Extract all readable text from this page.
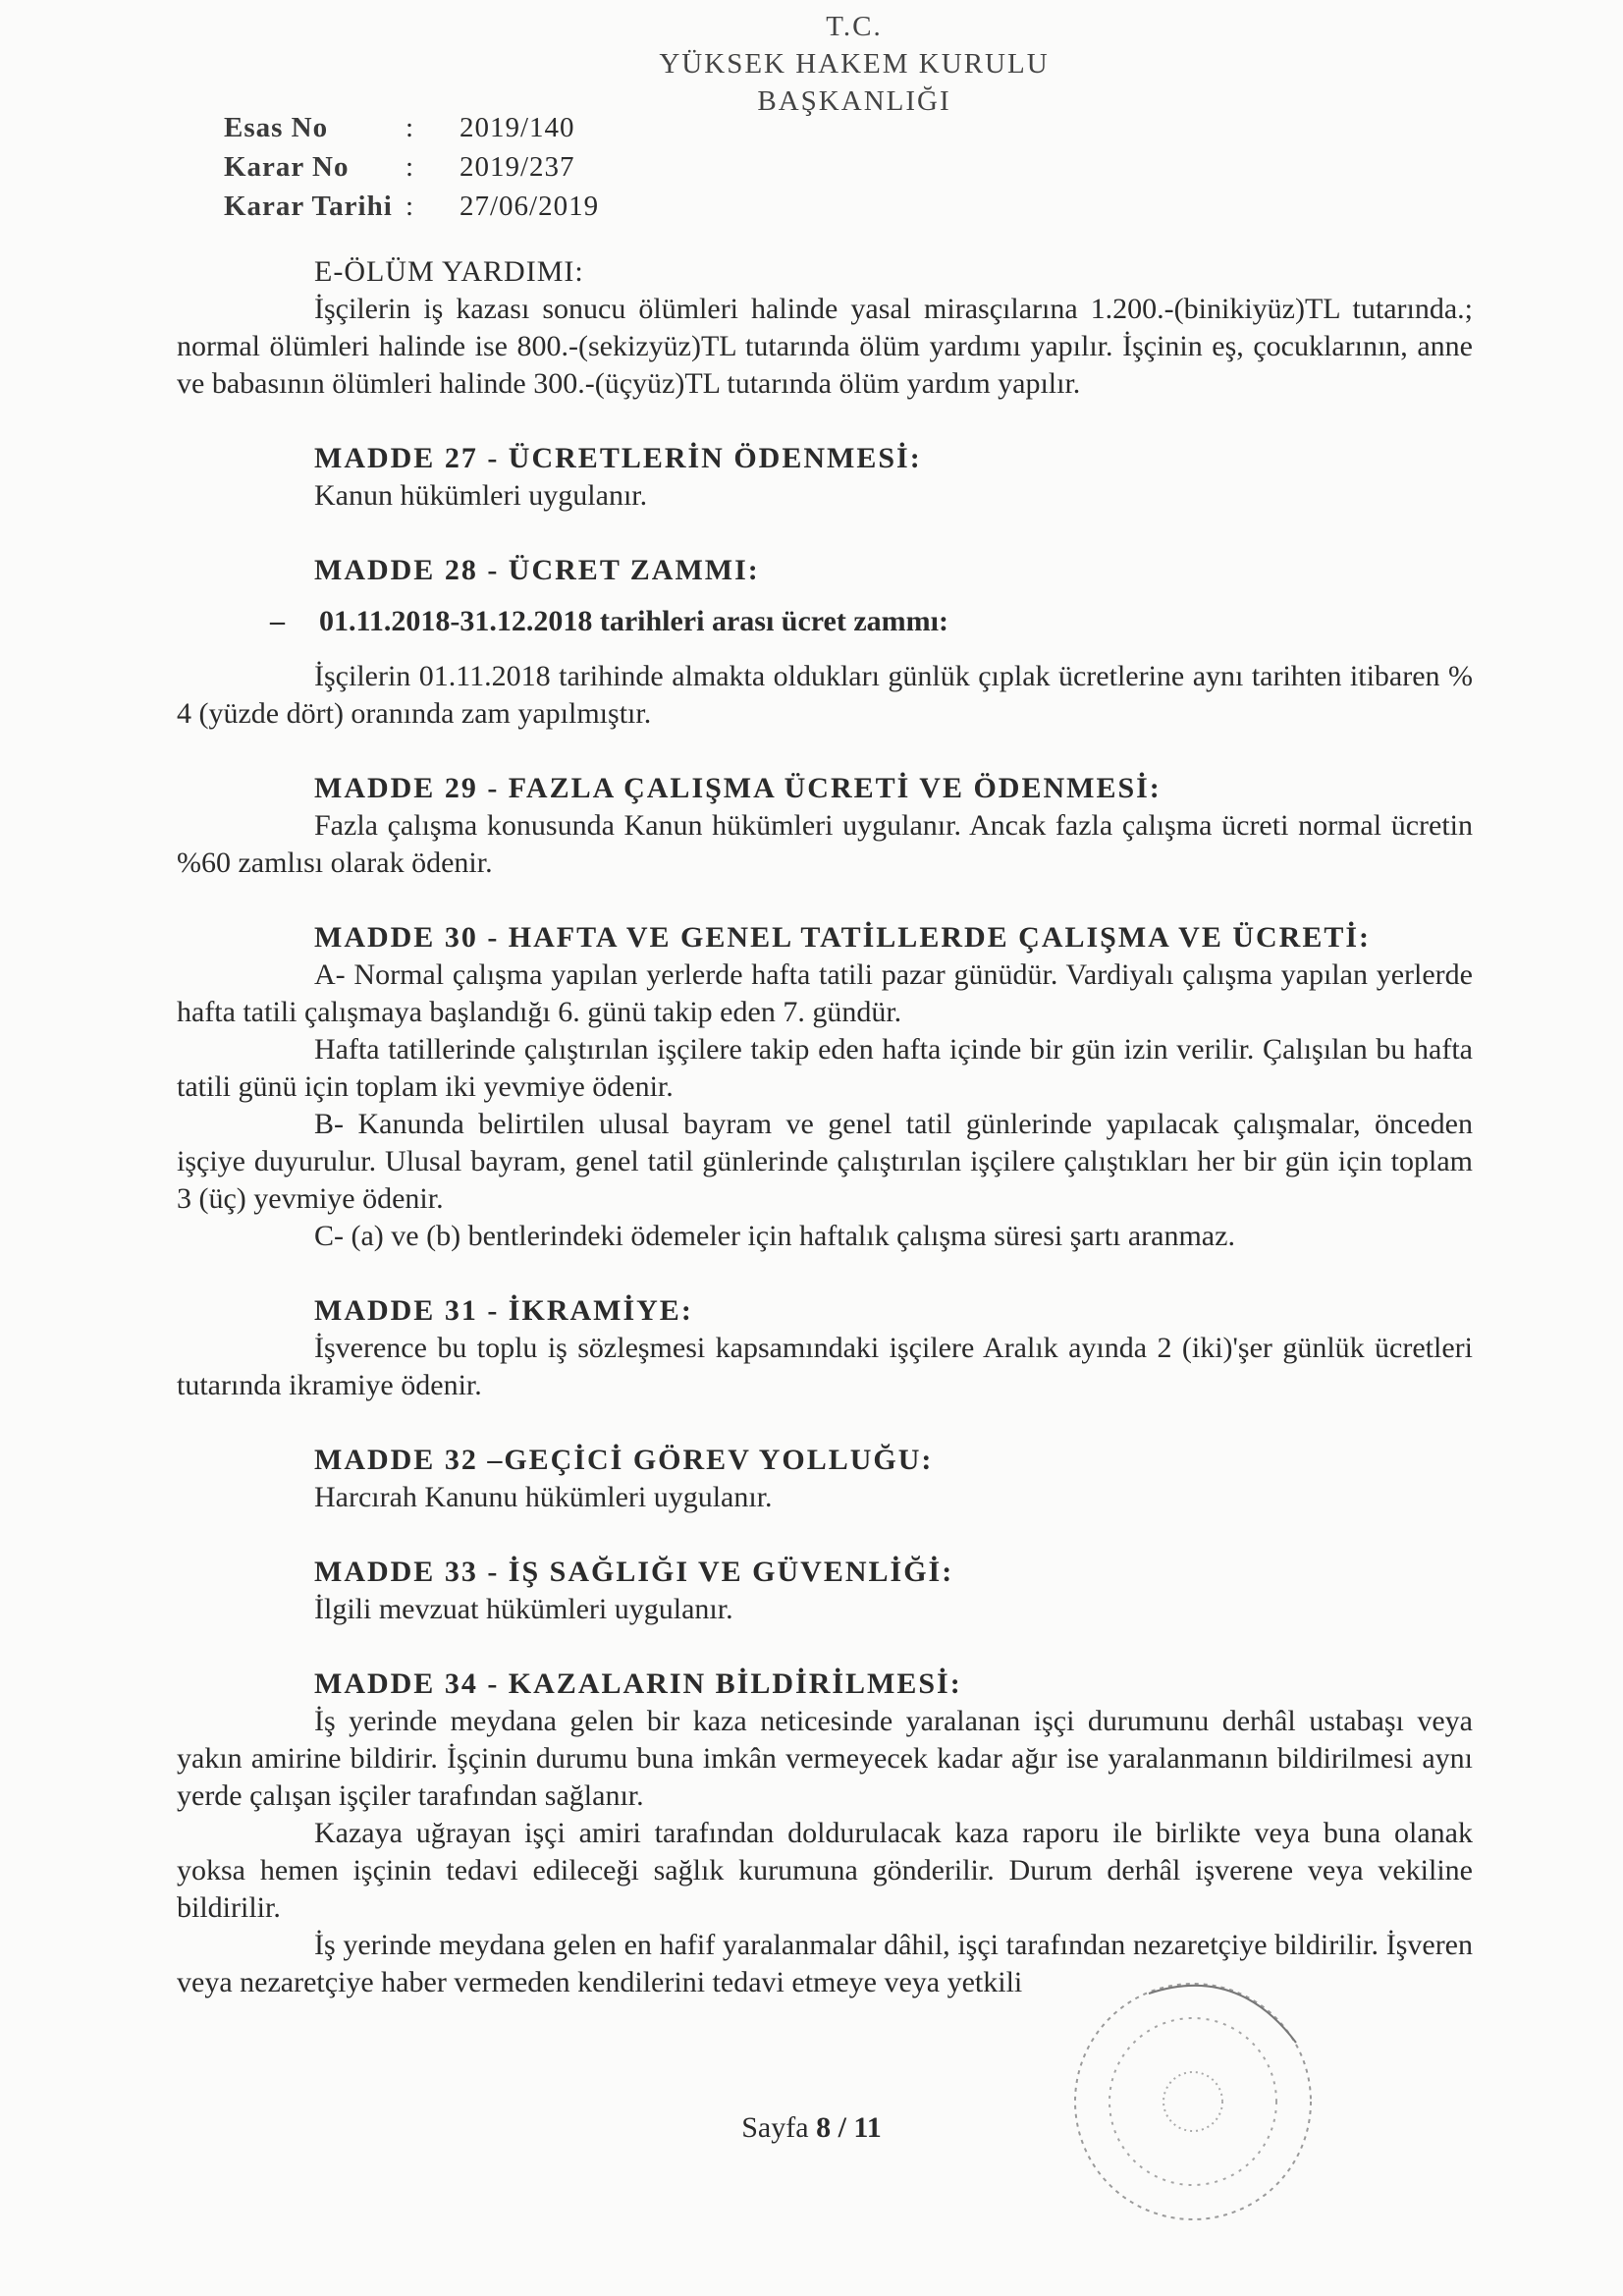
T.C.
YÜKSEK HAKEM KURULU
BAŞKANLIĞI
Esas No	:	2019/140
Karar No	:	2019/237
Karar Tarihi :	27/06/2019

E-ÖLÜM YARDIMI:

İşçilerin iş kazası sonucu ölümleri halinde yasal mirasçılarına 1.200.-(binikiyüz)TL tutarında.; normal ölümleri halinde ise 800.-(sekizyüz)TL tutarında ölüm yardımı yapılır. İşçinin eş, çocuklarının, anne ve babasının ölümleri halinde 300.-(üçyüz)TL tutarında ölüm yardım yapılır.

MADDE 27 - ÜCRETLERİN ÖDENMESİ:

Kanun hükümleri uygulanır.

MADDE 28 - ÜCRET ZAMMI:

– 01.11.2018-31.12.2018 tarihleri arası ücret zammı:

İşçilerin 01.11.2018 tarihinde almakta oldukları günlük çıplak ücretlerine aynı tarihten itibaren % 4 (yüzde dört) oranında zam yapılmıştır.

MADDE 29 - FAZLA ÇALIŞMA ÜCRETİ VE ÖDENMESİ:

Fazla çalışma konusunda Kanun hükümleri uygulanır. Ancak fazla çalışma ücreti normal ücretin %60 zamlısı olarak ödenir.

MADDE 30 - HAFTA VE GENEL TATİLLERDE ÇALIŞMA VE ÜCRETİ:

A- Normal çalışma yapılan yerlerde hafta tatili pazar günüdür. Vardiyalı çalışma yapılan yerlerde hafta tatili çalışmaya başlandığı 6. günü takip eden 7. gündür.

Hafta tatillerinde çalıştırılan işçilere takip eden hafta içinde bir gün izin verilir. Çalışılan bu hafta tatili günü için toplam iki yevmiye ödenir.

B- Kanunda belirtilen ulusal bayram ve genel tatil günlerinde yapılacak çalışmalar, önceden işçiye duyurulur. Ulusal bayram, genel tatil günlerinde çalıştırılan işçilere çalıştıkları her bir gün için toplam 3 (üç) yevmiye ödenir.

C- (a) ve (b) bentlerindeki ödemeler için haftalık çalışma süresi şartı aranmaz.

MADDE 31 - İKRAMİYE:

İşverence bu toplu iş sözleşmesi kapsamındaki işçilere Aralık ayında 2 (iki)'şer günlük ücretleri tutarında ikramiye ödenir.

MADDE 32 –GEÇİCİ GÖREV YOLLUĞU:

Harcırah Kanunu hükümleri uygulanır.

MADDE 33 - İŞ SAĞLIĞI VE GÜVENLİĞİ:

İlgili mevzuat hükümleri uygulanır.

MADDE 34 - KAZALARIN BİLDİRİLMESİ:

İş yerinde meydana gelen bir kaza neticesinde yaralanan işçi durumunu derhâl ustabaşı veya yakın amirine bildirir. İşçinin durumu buna imkân vermeyecek kadar ağır ise yaralanmanın bildirilmesi aynı yerde çalışan işçiler tarafından sağlanır.

Kazaya uğrayan işçi amiri tarafından doldurulacak kaza raporu ile birlikte veya buna olanak yoksa hemen işçinin tedavi edileceği sağlık kurumuna gönderilir. Durum derhâl işverene veya vekiline bildirilir.

İş yerinde meydana gelen en hafif yaralanmalar dâhil, işçi tarafından nezaretçiye bildirilir. İşveren veya nezaretçiye haber vermeden kendilerini tedavi etmeye veya yetkili

Sayfa 8 / 11
